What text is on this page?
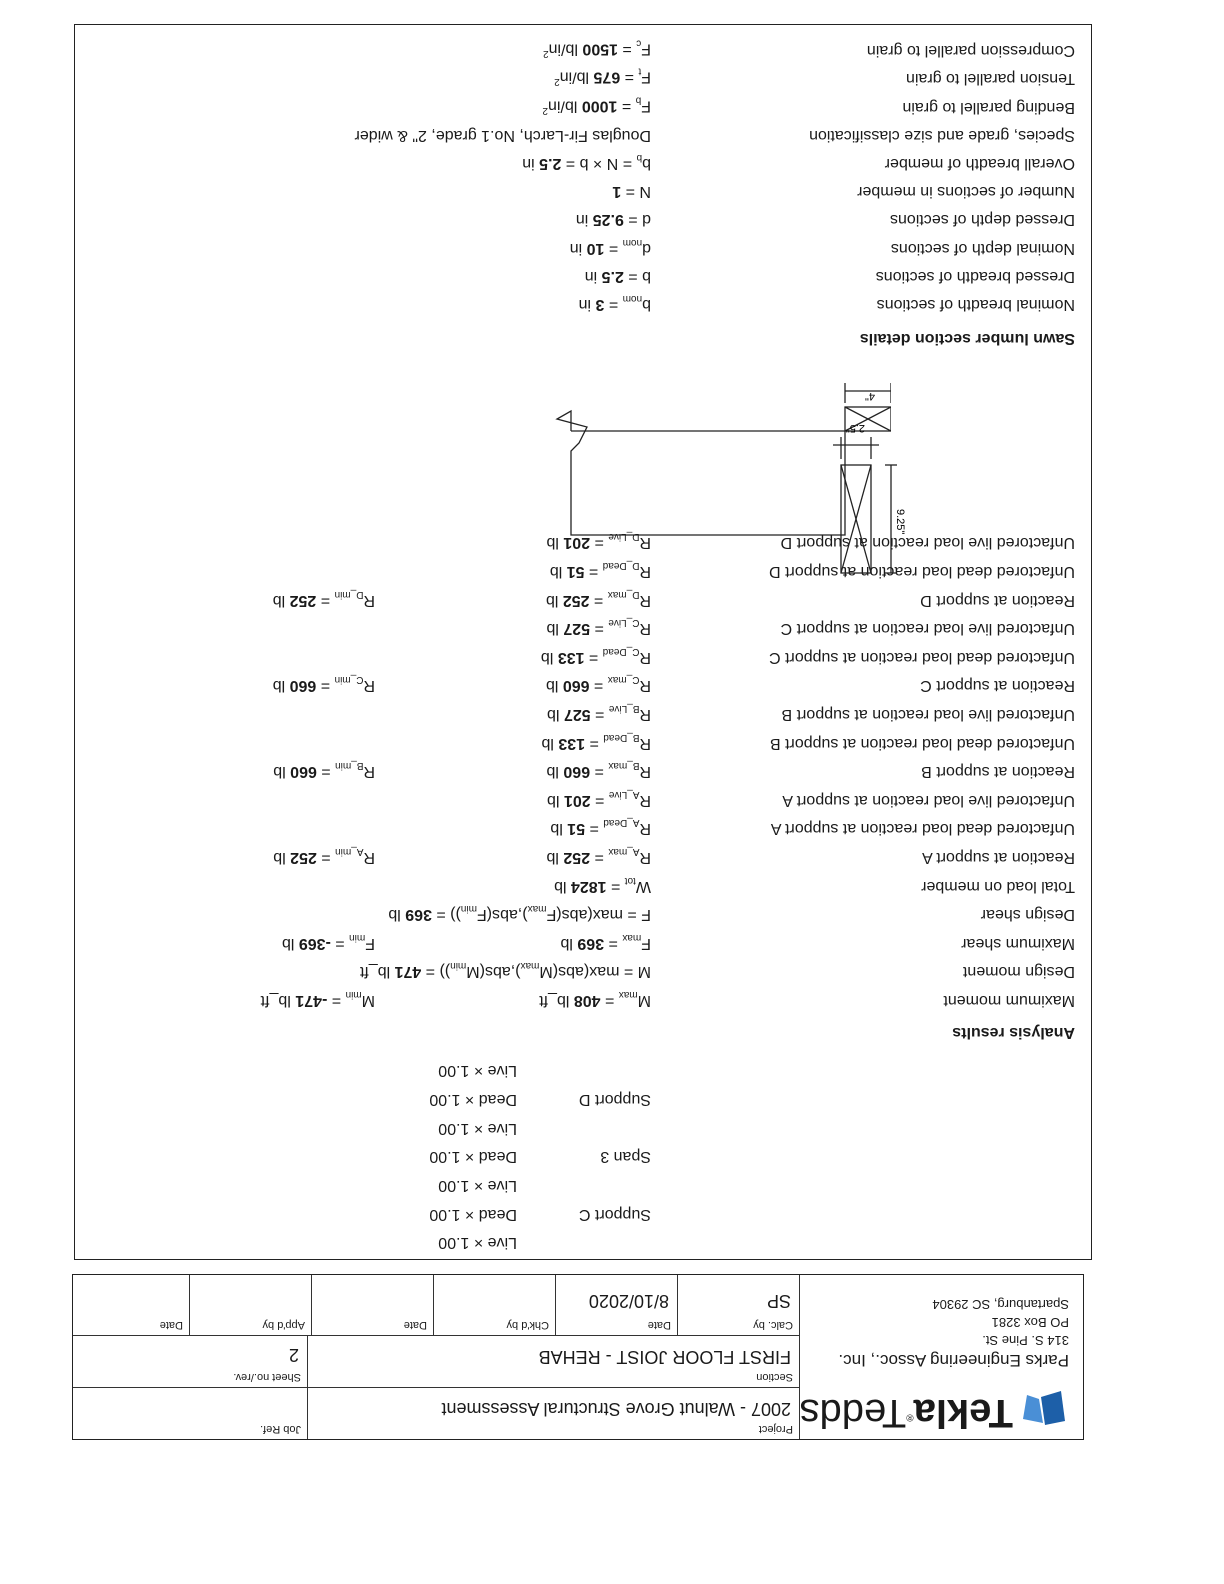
Tekla®Tedds
Parks Engineering Assoc., Inc.
314 S. Pine St.
PO Box 3281
Spartanburg, SC 29304
Project
2007 - Walnut Grove Structural Assessment
Job Ref.
Section
FIRST FLOOR JOIST - REHAB
Sheet no./rev.
2
Calc. by
SP
Date
8/10/2020
Chk'd by
Date
App'd by
Date
Live × 1.00
Support C
Dead × 1.00
Live × 1.00
Span 3
Dead × 1.00
Live × 1.00
Support D
Dead × 1.00
Live × 1.00
Analysis results
Maximum moment
$M_{max} = 408$ lb_ft
$M_{min} = -471$ lb_ft
Design moment
$M = \max(abs(M_{max}),abs(M_{min})) = 471$ lb_ft
Maximum shear
$F_{max} = 369$ lb
$F_{min} = -369$ lb
Design shear
$F = \max(abs(F_{max}),abs(F_{min})) = 369$ lb
Total load on member
$W_{tot} = 1824$ lb
Reaction at support A
$R_{A\_max} = 252$ lb
$R_{A\_min} = 252$ lb
Unfactored dead load reaction at support A
$R_{A\_Dead} = 51$ lb
Unfactored live load reaction at support A
$R_{A\_Live} = 201$ lb
Reaction at support B
$R_{B\_max} = 660$ lb
$R_{B\_min} = 660$ lb
Unfactored dead load reaction at support B
$R_{B\_Dead} = 133$ lb
Unfactored live load reaction at support B
$R_{B\_Live} = 527$ lb
Reaction at support C
$R_{C\_max} = 660$ lb
$R_{C\_min} = 660$ lb
Unfactored dead load reaction at support C
$R_{C\_Dead} = 133$ lb
Unfactored live load reaction at support C
$R_{C\_Live} = 527$ lb
Reaction at support D
$R_{D\_max} = 252$ lb
$R_{D\_min} = 252$ lb
Unfactored dead load reaction at support D
$R_{D\_Dead} = 51$ lb
Unfactored live load reaction at support D
$R_{D\_Live} = 201$ lb
4"
9.25"
2.5"
Sawn lumber section details
Nominal breadth of sections
$b_{nom} = 3$ in
Dressed breadth of sections
b = 2.5 in
Nominal depth of sections
$d_{nom} = 10$ in
Dressed depth of sections
d = 9.25 in
Number of sections in member
N = 1
Overall breadth of member
$b_b = N \times b = 2.5$ in
Species, grade and size classification
Douglas Fir-Larch, No.1 grade, 2" & wider
Bending parallel to grain
$F_b = 1000$ $lb/in^2$
Tension parallel to grain
$F_t = 675$ $lb/in^2$
Compression parallel to grain
$F_c = 1500$ $lb/in^2$
